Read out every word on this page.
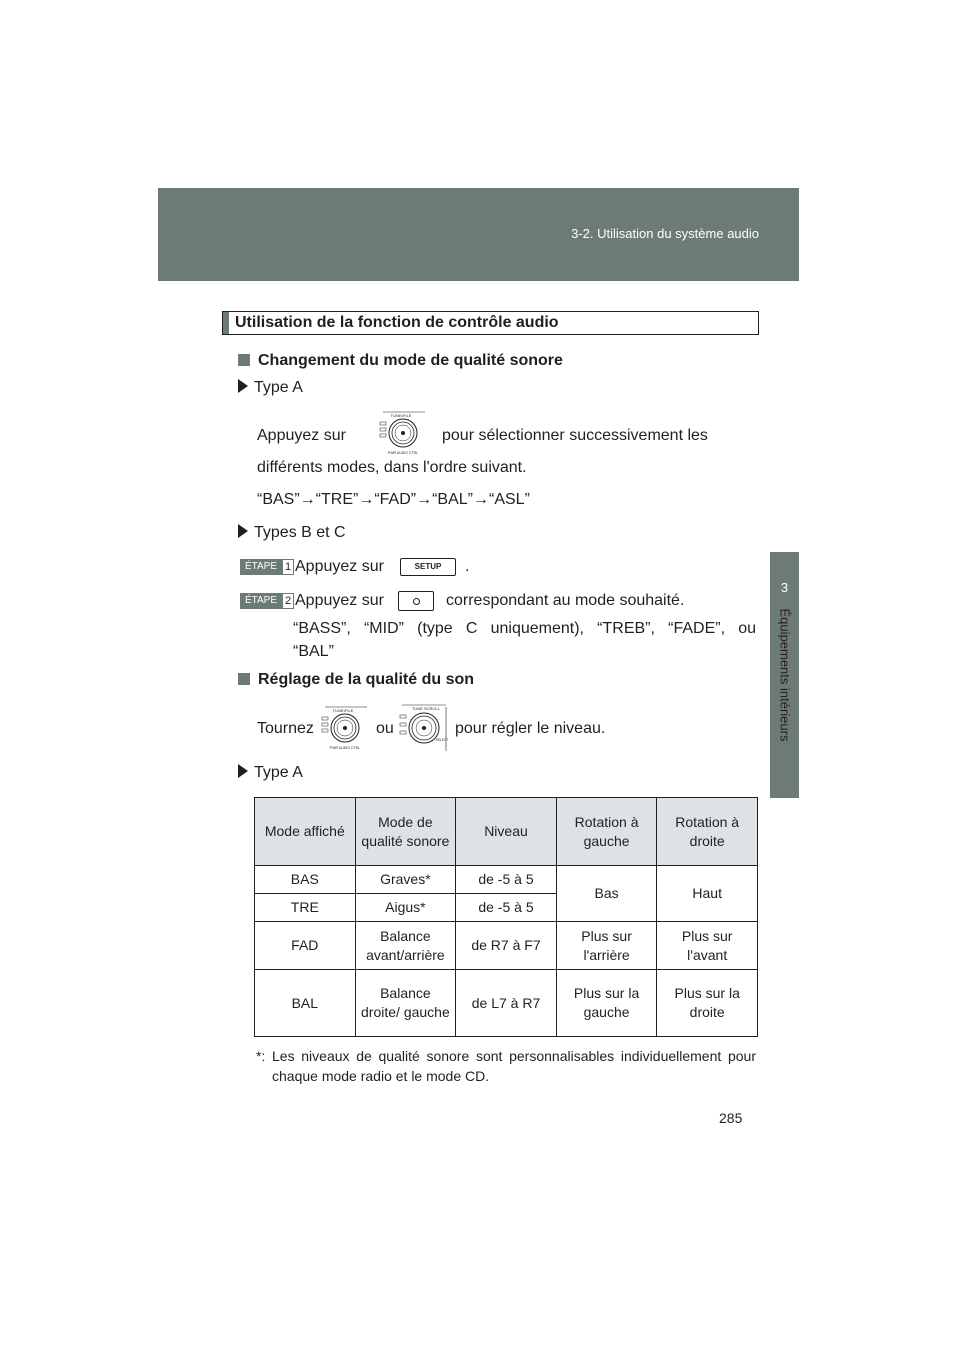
3-2. Utilisation du système audio
3
Équipements intérieurs
Utilisation de la fonction de contrôle audio
Changement du mode de qualité sonore
Type A
Appuyez sur
TUNE•FILE
PWR AUDIO CTRL
pour sélectionner successivement les
différents modes, dans l'ordre suivant.
“BAS”→“TRE”→“FAD”→“BAL”→“ASL”
Types B et C
ÉTAPE 1 Appuyez sur	SETUP	.
ÉTAPE 2 Appuyez sur	correspondant au mode souhaité.
“BASS”, “MID” (type C uniquement), “TREB”, “FADE”, ou
“BAL”
Réglage de la qualité du son
Tournez
TUNE•FILE
PWR AUDIO CTRL
ou
TUNE SCROLL
SELECT
pour régler le niveau.
Type A
Mode affiché	Mode de qualité sonore	Niveau	Rotation à gauche	Rotation à droite
BAS	Graves*	de -5 à 5	Bas	Haut
TRE	Aigus*	de -5 à 5		
FAD	Balance avant/arrière	de R7 à F7	Plus sur l'arrière	Plus sur l'avant
BAL	Balance droite/ gauche	de L7 à R7	Plus sur la gauche	Plus sur la droite
*: Les niveaux de qualité sonore sont personnalisables individuellement pour chaque mode radio et le mode CD.
285
